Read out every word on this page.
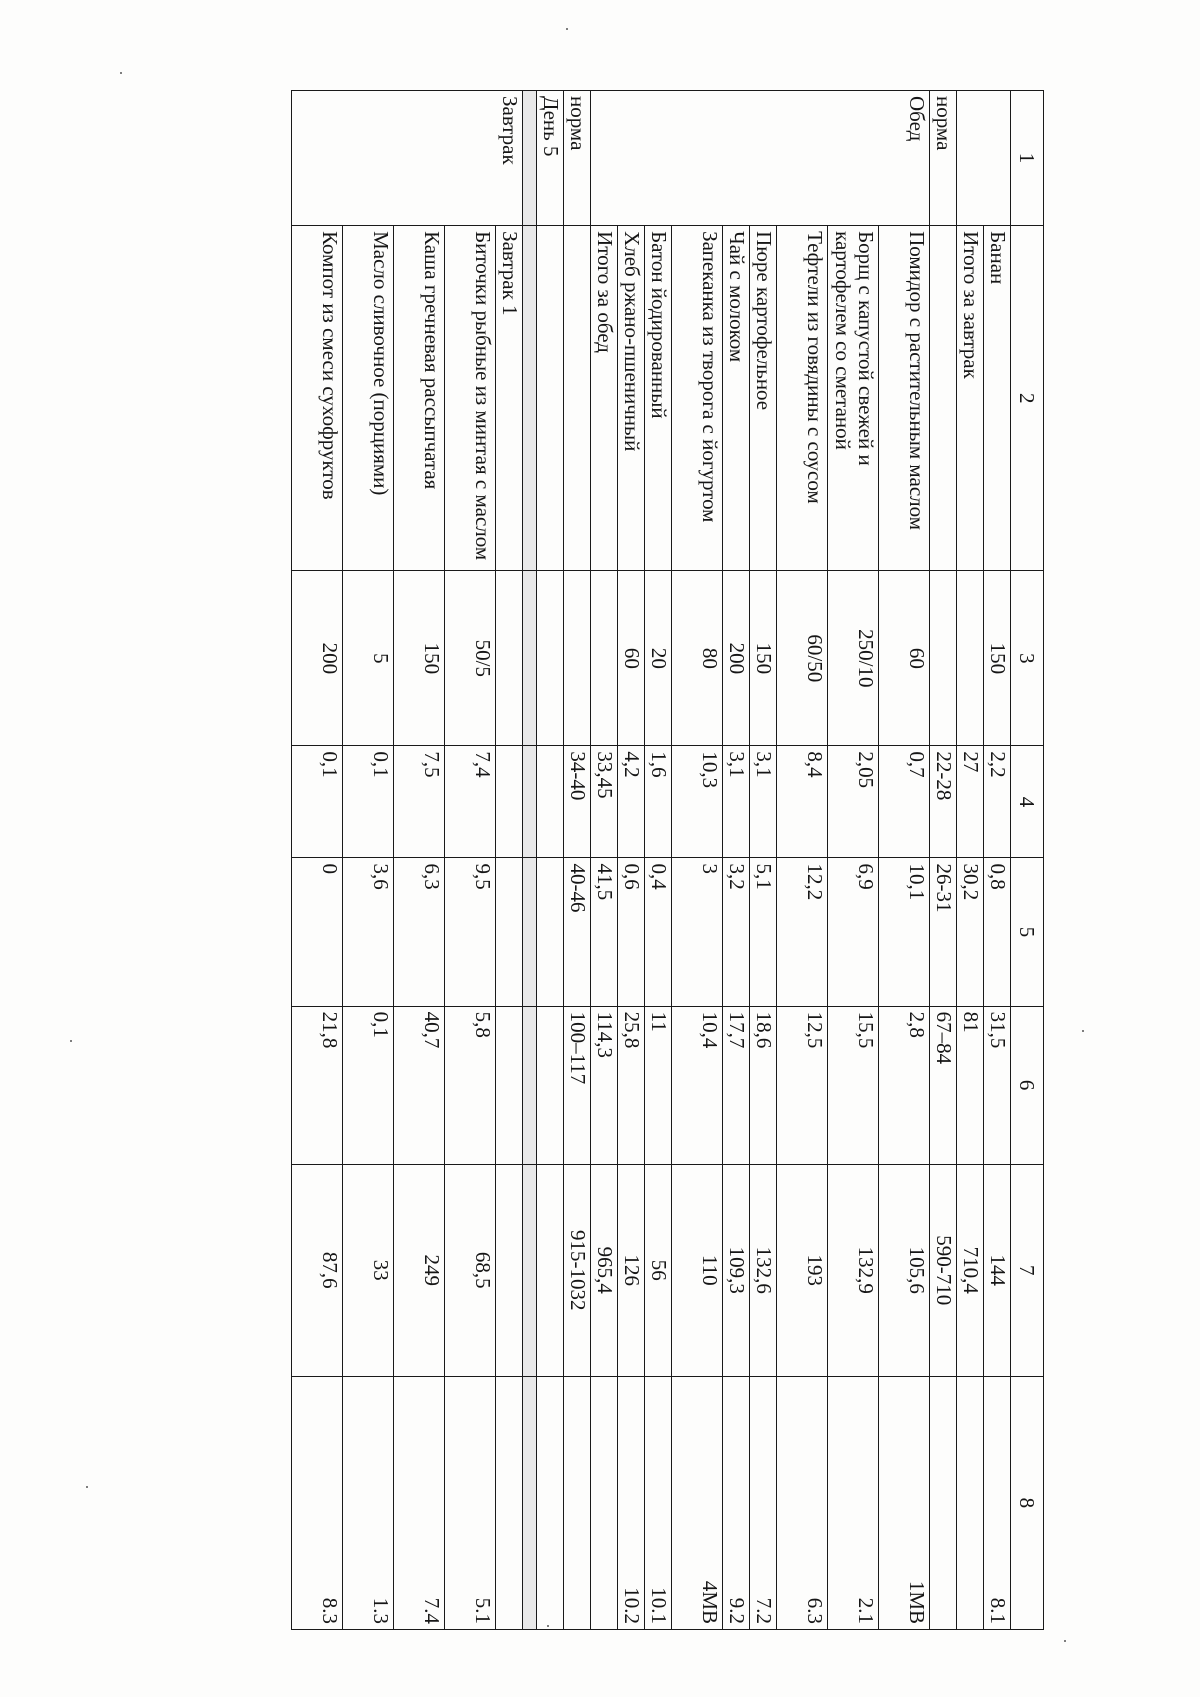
1	2	3	4	5	6	7	8
	Банан	150	2,2	0,8	31,5	144	8.1
	Итого за завтрак		27	30,2	81	710,4	
норма			22-28	26-31	67–84	590-710	
Обед	Помидор с растительным маслом	60	0,7	10,1	2,8	105,6	1МВ
	Борщ с капустой свежей и картофелем со сметаной	250/10	2,05	6,9	15,5	132,9	2.1
	Тефтели из говядины с соусом	60/50	8,4	12,2	12,5	193	6.3
	Пюре картофельное	150	3,1	5,1	18,6	132,6	7.2
	Чай с молоком	200	3,1	3,2	17,7	109,3	9.2
	Запеканка из творога с йогуртом	80	10,3	3	10,4	110	4МВ
	Батон йодированный	20	1,6	0,4	11	56	10.1
	Хлеб ржано-пшеничный	60	4,2	0,6	25,8	126	10.2
	Итого за обед		33,45	41,5	114,3	965,4	
норма			34-40	40-46	100–117	915-1032	
День 5							

Завтрак	Завтрак 1						
	Биточки рыбные из минтая с маслом	50/5	7,4	9,5	5,8	68,5	5.1
	Каша гречневая рассыпчатая	150	7,5	6,3	40,7	249	7.4
	Масло сливочное (порциями)	5	0,1	3,6	0,1	33	1.3
	Компот из смеси сухофруктов	200	0,1	0	21,8	87,6	8.3
